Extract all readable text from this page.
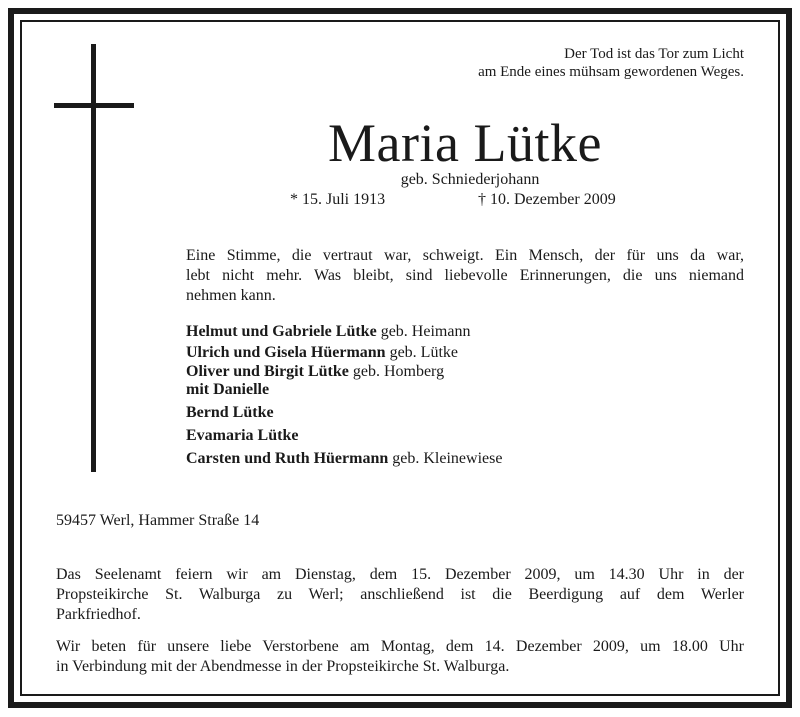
Der Tod ist das Tor zum Licht
am Ende eines mühsam gewordenen Weges.
Maria Lütke
geb. Schniederjohann
* 15. Juli 1913	† 10. Dezember 2009
Eine Stimme, die vertraut war, schweigt. Ein Mensch, der für uns da war,
lebt nicht mehr. Was bleibt, sind liebevolle Erinnerungen, die uns niemand
nehmen kann.
Helmut und Gabriele Lütke geb. Heimann
Ulrich und Gisela Hüermann geb. Lütke
Oliver und Birgit Lütke geb. Homberg
mit Danielle
Bernd Lütke
Evamaria Lütke
Carsten und Ruth Hüermann geb. Kleinewiese
59457 Werl, Hammer Straße 14
Das Seelenamt feiern wir am Dienstag, dem 15. Dezember 2009, um 14.30 Uhr in der
Propsteikirche St. Walburga zu Werl; anschließend ist die Beerdigung auf dem Werler
Parkfriedhof.
Wir beten für unsere liebe Verstorbene am Montag, dem 14. Dezember 2009, um 18.00 Uhr
in Verbindung mit der Abendmesse in der Propsteikirche St. Walburga.
